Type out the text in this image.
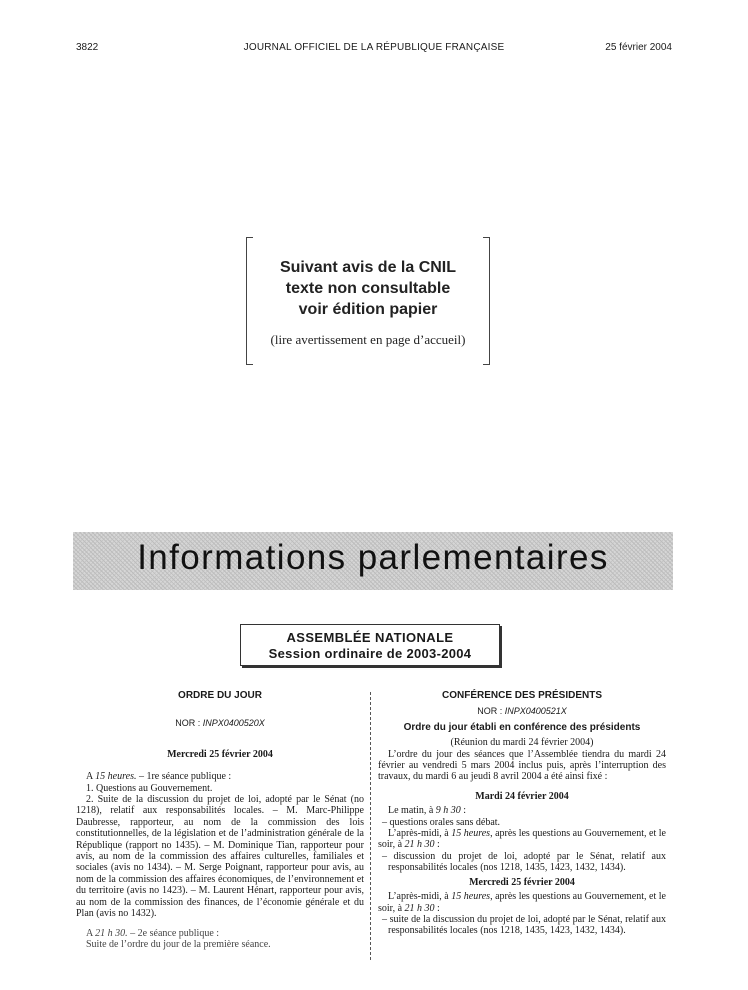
3822	JOURNAL OFFICIEL DE LA RÉPUBLIQUE FRANÇAISE	25 février 2004
Suivant avis de la CNIL
texte non consultable
voir édition papier
(lire avertissement en page d’accueil)
Informations parlementaires
ASSEMBLÉE NATIONALE
Session ordinaire de 2003-2004

ORDRE DU JOUR

NOR : INPX0400520X

Mercredi 25 février 2004

A 15 heures. – 1re séance publique :

1. Questions au Gouvernement.

2. Suite de la discussion du projet de loi, adopté par le Sénat (no 1218), relatif aux responsabilités locales. – M. Marc-Philippe Daubresse, rapporteur, au nom de la commission des lois constitutionnelles, de la législation et de l’administration générale de la République (rapport no 1435). – M. Dominique Tian, rapporteur pour avis, au nom de la commission des affaires culturelles, familiales et sociales (avis no 1434). – M. Serge Poignant, rapporteur pour avis, au nom de la commission des affaires économiques, de l’environnement et du territoire (avis no 1423). – M. Laurent Hénart, rapporteur pour avis, au nom de la commission des finances, de l’économie générale et du Plan (avis no 1432).

A 21 h 30. – 2e séance publique :

Suite de l’ordre du jour de la première séance.

CONFÉRENCE DES PRÉSIDENTS

NOR : INPX0400521X

Ordre du jour établi en conférence des présidents

(Réunion du mardi 24 février 2004)

L’ordre du jour des séances que l’Assemblée tiendra du mardi 24 février au vendredi 5 mars 2004 inclus puis, après l’interruption des travaux, du mardi 6 au jeudi 8 avril 2004 a été ainsi fixé :

Mardi 24 février 2004

Le matin, à 9 h 30 :

– questions orales sans débat.

L’après-midi, à 15 heures, après les questions au Gouvernement, et le soir, à 21 h 30 :

– discussion du projet de loi, adopté par le Sénat, relatif aux responsabilités locales (nos 1218, 1435, 1423, 1432, 1434).

Mercredi 25 février 2004

L’après-midi, à 15 heures, après les questions au Gouvernement, et le soir, à 21 h 30 :

– suite de la discussion du projet de loi, adopté par le Sénat, relatif aux responsabilités locales (nos 1218, 1435, 1423, 1432, 1434).
